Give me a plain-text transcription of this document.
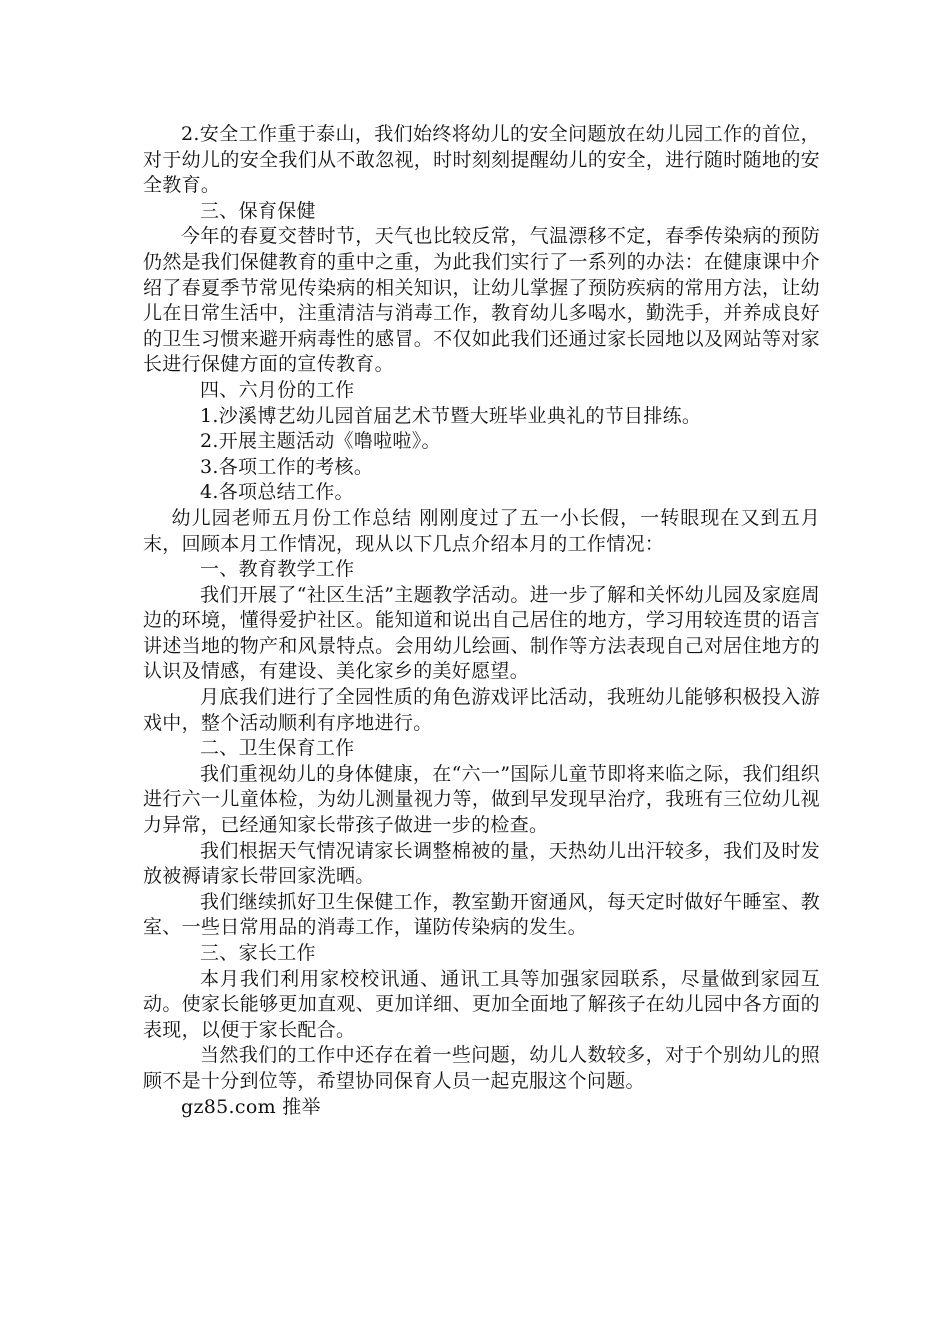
2.安全工作重于泰山，我们始终将幼儿的安全问题放在幼儿园工作的首位，对于幼儿的安全我们从不敢忽视，时时刻刻提醒幼儿的安全，进行随时随地的安全教育。

三、保育保健

今年的春夏交替时节，天气也比较反常，气温漂移不定，春季传染病的预防仍然是我们保健教育的重中之重，为此我们实行了一系列的办法：在健康课中介绍了春夏季节常见传染病的相关知识，让幼儿掌握了预防疾病的常用方法，让幼儿在日常生活中，注重清洁与消毒工作，教育幼儿多喝水，勤洗手，并养成良好的卫生习惯来避开病毒性的感冒。不仅如此我们还通过家长园地以及网站等对家长进行保健方面的宣传教育。

四、六月份的工作

1.沙溪博艺幼儿园首届艺术节暨大班毕业典礼的节目排练。

2.开展主题活动《噜啦啦》。

3.各项工作的考核。

4.各项总结工作。

幼儿园老师五月份工作总结 刚刚度过了五一小长假，一转眼现在又到五月末，回顾本月工作情况，现从以下几点介绍本月的工作情况：

一、教育教学工作

我们开展了“社区生活”主题教学活动。进一步了解和关怀幼儿园及家庭周边的环境，懂得爱护社区。能知道和说出自己居住的地方，学习用较连贯的语言讲述当地的物产和风景特点。会用幼儿绘画、制作等方法表现自己对居住地方的认识及情感，有建设、美化家乡的美好愿望。

月底我们进行了全园性质的角色游戏评比活动，我班幼儿能够积极投入游戏中，整个活动顺利有序地进行。

二、卫生保育工作

我们重视幼儿的身体健康，在“六一”国际儿童节即将来临之际，我们组织进行六一儿童体检，为幼儿测量视力等，做到早发现早治疗，我班有三位幼儿视力异常，已经通知家长带孩子做进一步的检查。

我们根据天气情况请家长调整棉被的量，天热幼儿出汗较多，我们及时发放被褥请家长带回家洗晒。

我们继续抓好卫生保健工作，教室勤开窗通风，每天定时做好午睡室、教室、一些日常用品的消毒工作，谨防传染病的发生。

三、家长工作

本月我们利用家校校讯通、通讯工具等加强家园联系，尽量做到家园互动。使家长能够更加直观、更加详细、更加全面地了解孩子在幼儿园中各方面的表现，以便于家长配合。

当然我们的工作中还存在着一些问题，幼儿人数较多，对于个别幼儿的照顾不是十分到位等，希望协同保育人员一起克服这个问题。

gz85.com 推举
